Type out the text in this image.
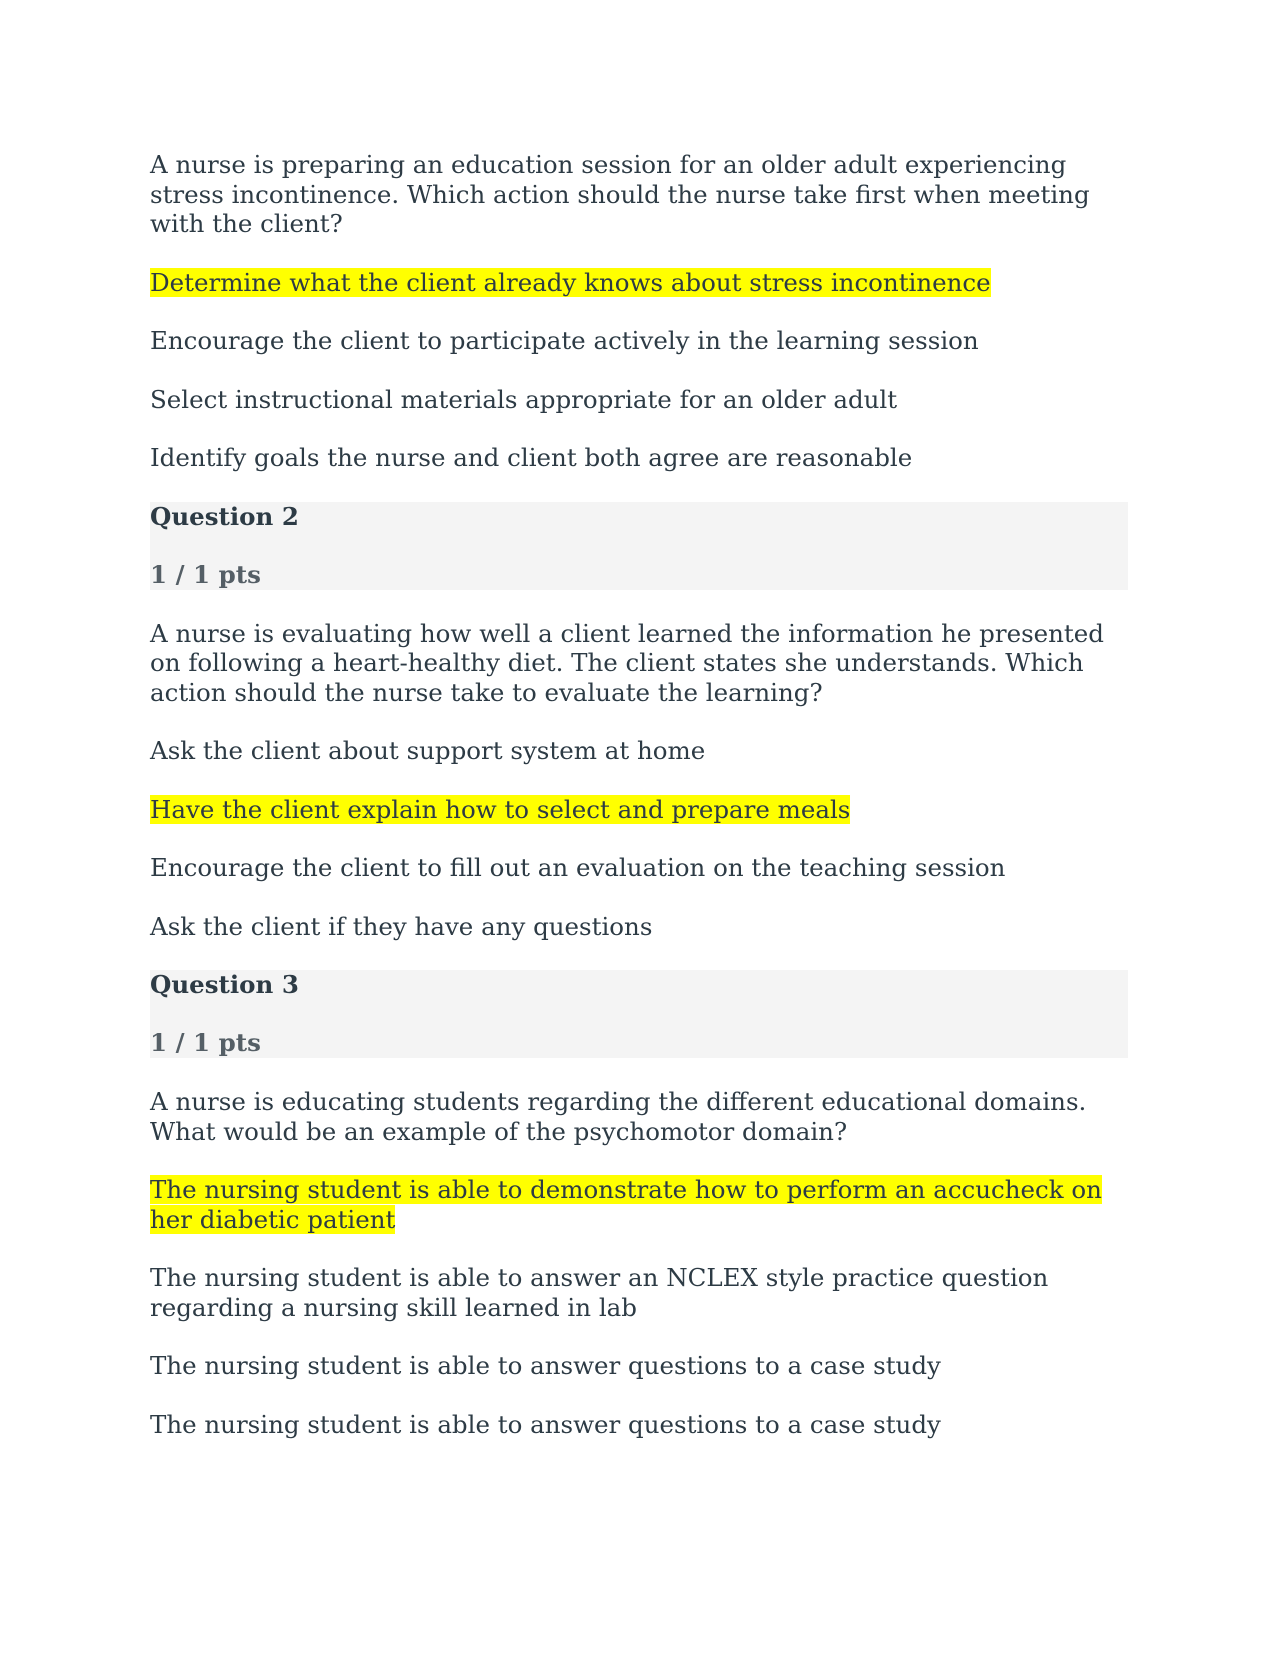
A nurse is preparing an education session for an older adult experiencing stress incontinence. Which action should the nurse take first when meeting with the client?

Determine what the client already knows about stress incontinence

Encourage the client to participate actively in the learning session

Select instructional materials appropriate for an older adult

Identify goals the nurse and client both agree are reasonable

Question 2
1 / 1 pts

A nurse is evaluating how well a client learned the information he presented on following a heart-healthy diet. The client states she understands. Which action should the nurse take to evaluate the learning?

Ask the client about support system at home

Have the client explain how to select and prepare meals

Encourage the client to fill out an evaluation on the teaching session

Ask the client if they have any questions

Question 3
1 / 1 pts

A nurse is educating students regarding the different educational domains. What would be an example of the psychomotor domain?

The nursing student is able to demonstrate how to perform an accucheck on her diabetic patient

The nursing student is able to answer an NCLEX style practice question regarding a nursing skill learned in lab

The nursing student is able to answer questions to a case study

The nursing student is able to answer questions to a case study
